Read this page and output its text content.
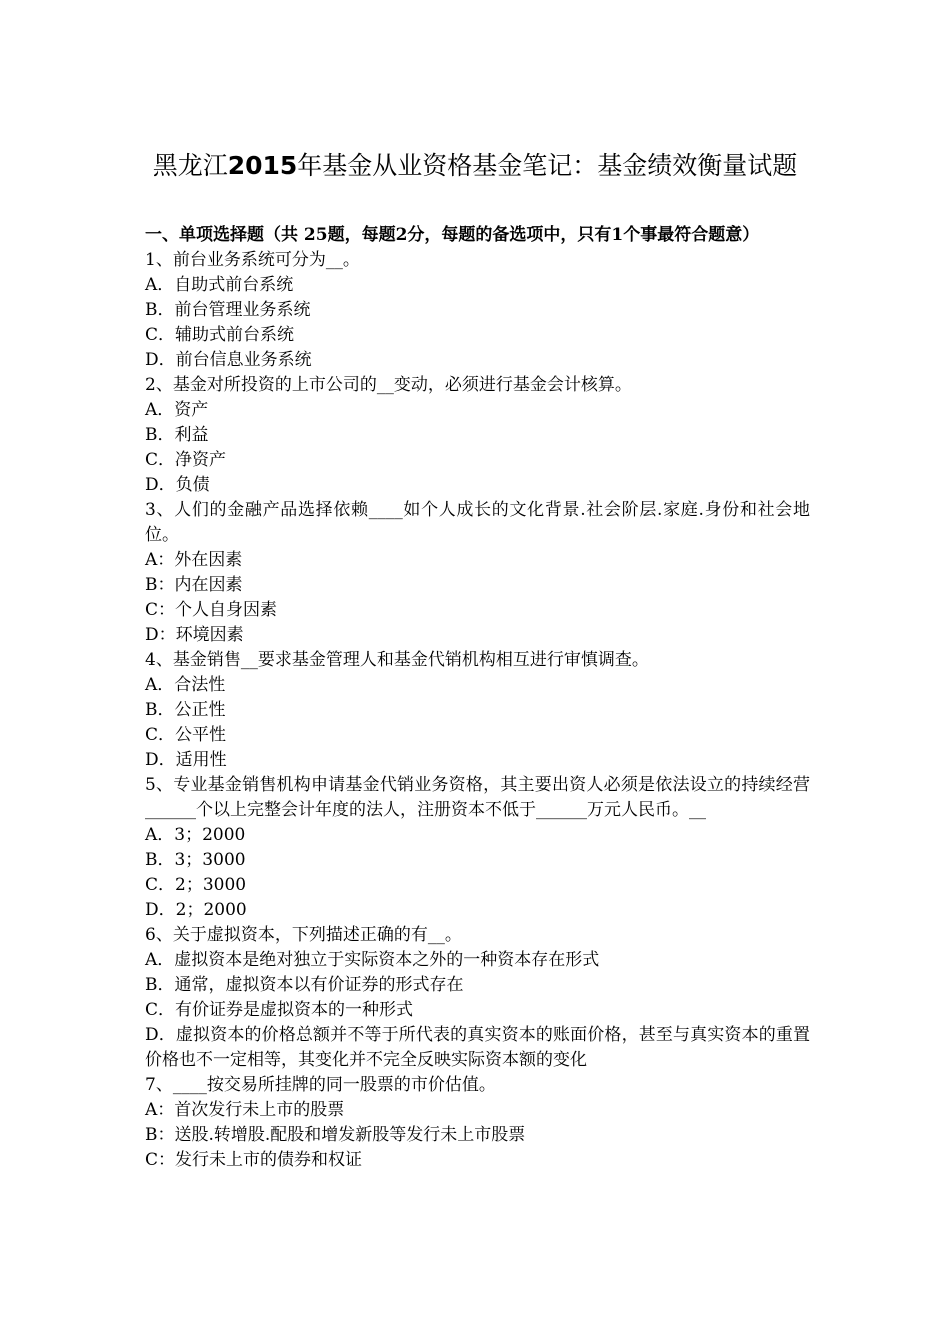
黑龙江2015年基金从业资格基金笔记：基金绩效衡量试题
一、单项选择题（共 25题，每题2分，每题的备选项中，只有1个事最符合题意）

1、前台业务系统可分为__。

A．自助式前台系统

B．前台管理业务系统

C．辅助式前台系统

D．前台信息业务系统

2、基金对所投资的上市公司的__变动，必须进行基金会计核算。

A．资产

B．利益

C．净资产

D．负债

3、人们的金融产品选择依赖____如个人成长的文化背景.社会阶层.家庭.身份和社会地位。

A：外在因素

B：内在因素

C：个人自身因素

D：环境因素

4、基金销售__要求基金管理人和基金代销机构相互进行审慎调查。

A．合法性

B．公正性

C．公平性

D．适用性

5、专业基金销售机构申请基金代销业务资格，其主要出资人必须是依法设立的持续经营______个以上完整会计年度的法人，注册资本不低于______万元人民币。__

A．3；2000

B．3；3000

C．2；3000

D．2；2000

6、关于虚拟资本，下列描述正确的有__。

A．虚拟资本是绝对独立于实际资本之外的一种资本存在形式

B．通常，虚拟资本以有价证券的形式存在

C．有价证券是虚拟资本的一种形式

D．虚拟资本的价格总额并不等于所代表的真实资本的账面价格，甚至与真实资本的重置价格也不一定相等，其变化并不完全反映实际资本额的变化

7、____按交易所挂牌的同一股票的市价估值。

A：首次发行未上市的股票

B：送股.转增股.配股和增发新股等发行未上市股票

C：发行未上市的债券和权证
